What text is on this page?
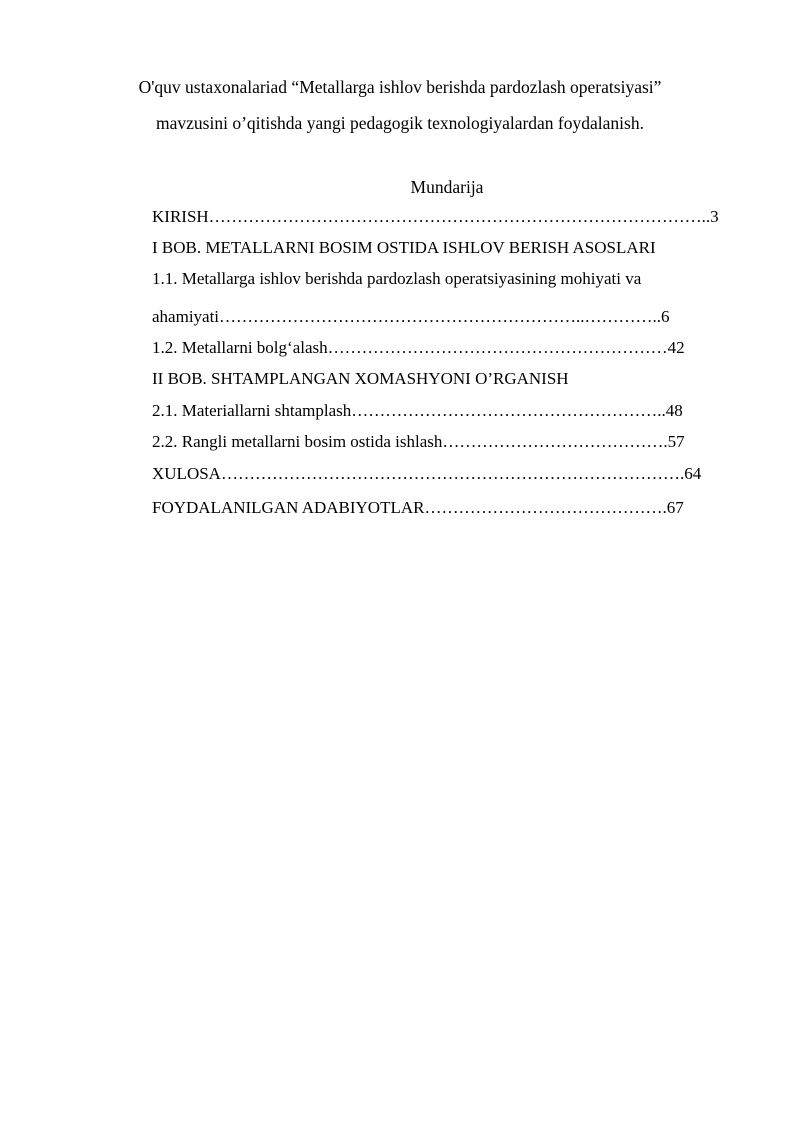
O'quv ustaxonalariad “Metallarga ishlov berishda pardozlash operatsiyasi”
mavzusini o’qitishda yangi pedagogik texnologiyalardan foydalanish.
Mundarija
KIRISH……………………………………………………………………………..3
I BOB. METALLARNI BOSIM OSTIDA ISHLOV BERISH ASOSLARI
1.1. Metallarga ishlov berishda pardozlash operatsiyasining mohiyati va
ahamiyati………………………………………………………..…………..6
1.2. Metallarni bolg‘alash……………………………………………………42
II BOB. SHTAMPLANGAN XOMASHYONI O’RGANISH
2.1. Materiallarni shtamplash………………………………………………..48
2.2. Rangli metallarni bosim ostida ishlash………………………………….57
XULOSA……………………………………………………………………….64
FOYDALANILGAN ADABIYOTLAR…………………………………….67
